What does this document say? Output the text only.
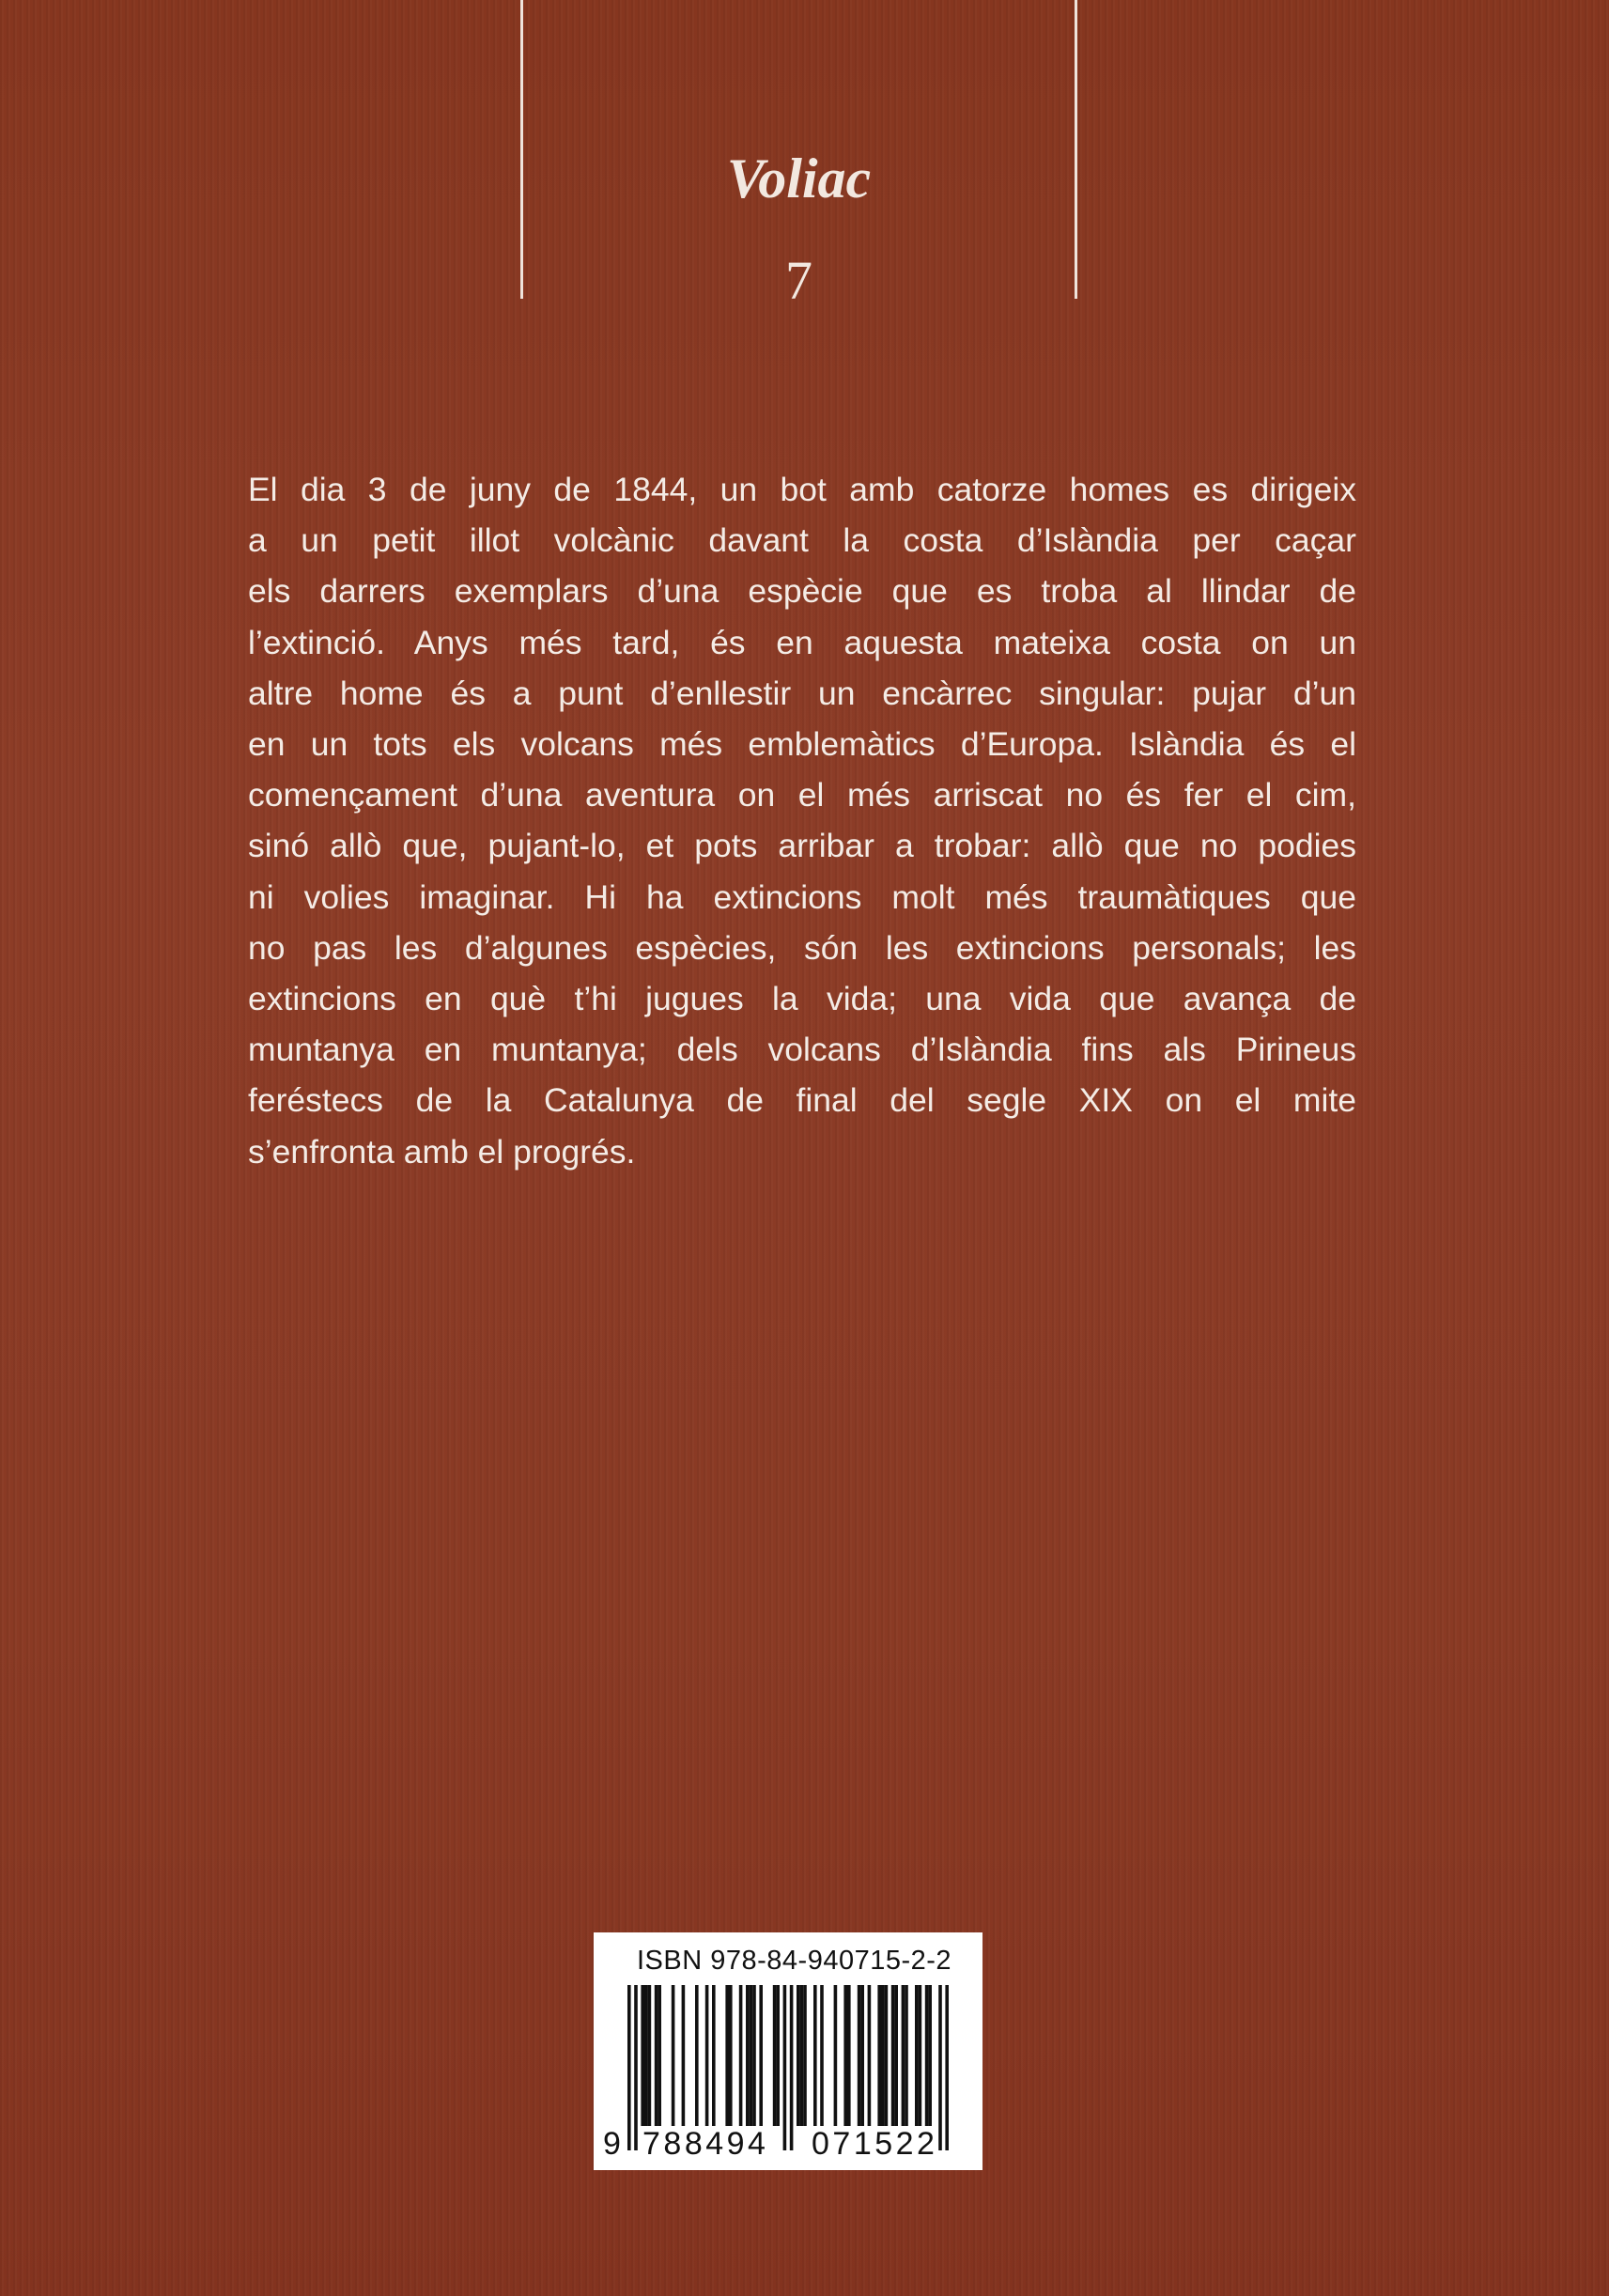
Voliac
7
El dia 3 de juny de 1844, un bot amb catorze homes es dirigeix
a un petit illot volcànic davant la costa d’Islàndia per caçar
els darrers exemplars d’una espècie que es troba al llindar de
l’extinció. Anys més tard, és en aquesta mateixa costa on un
altre home és a punt d’enllestir un encàrrec singular: pujar d’un
en un tots els volcans més emblemàtics d’Europa. Islàndia és el
començament d’una aventura on el més arriscat no és fer el cim,
sinó allò que, pujant-lo, et pots arribar a trobar: allò que no podies
ni volies imaginar. Hi ha extincions molt més traumàtiques que
no pas les d’algunes espècies, són les extincions personals; les
extincions en què t’hi jugues la vida; una vida que avança de
muntanya en muntanya; dels volcans d’Islàndia fins als Pirineus
feréstecs de la Catalunya de final del segle XIX on el mite
s’enfronta amb el progrés.

ISBN 978-84-940715-2-2

9 788494 071522
